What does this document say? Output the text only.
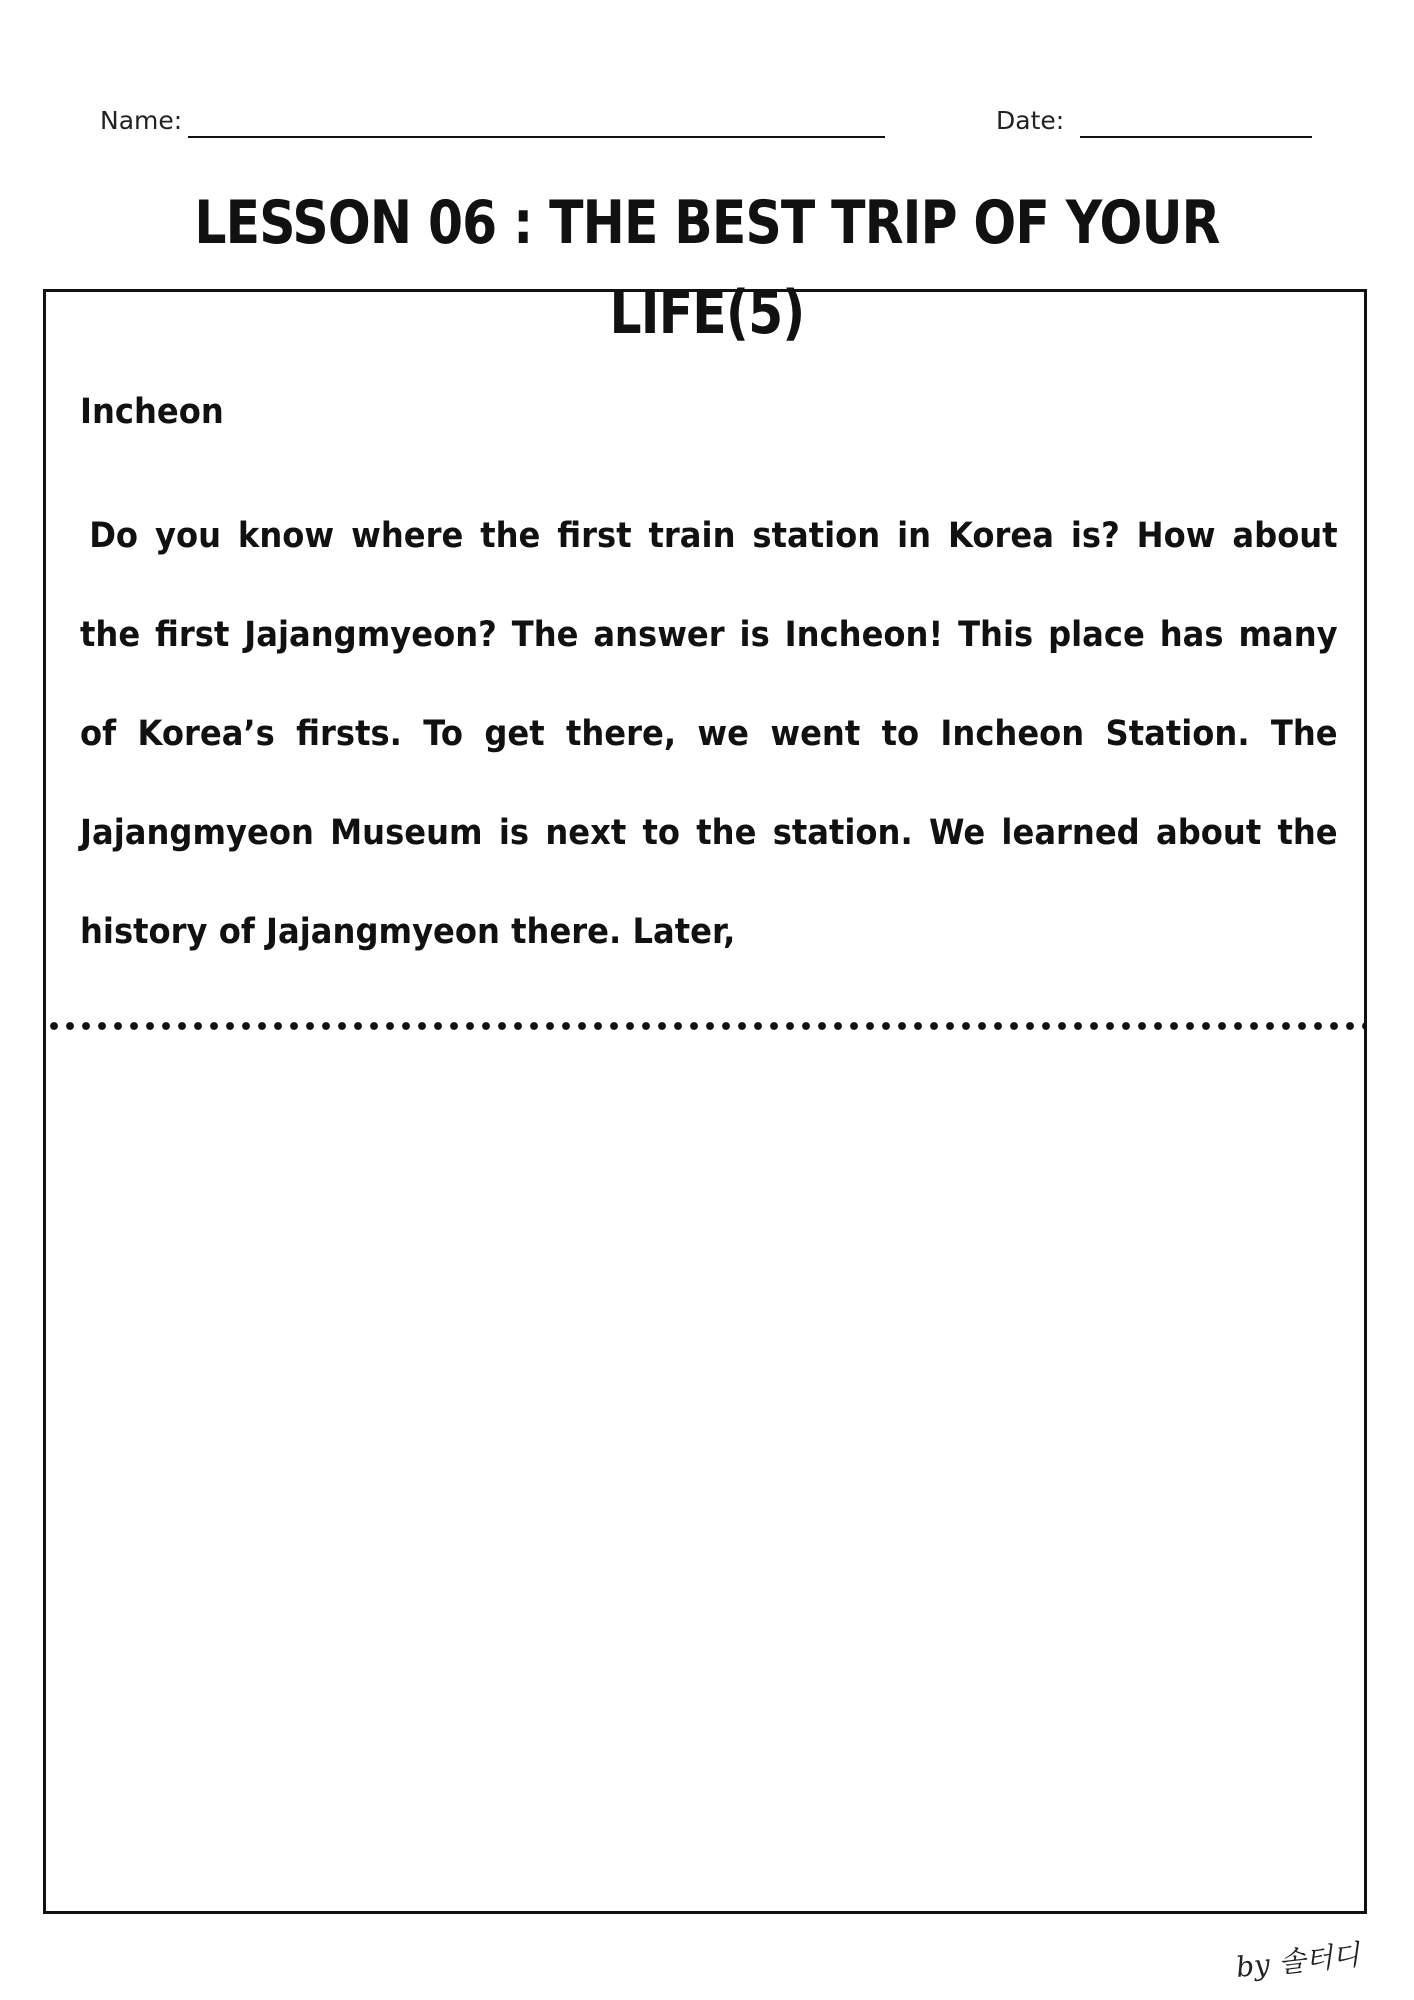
Name:	Date:
LESSON 06 : THE BEST TRIP OF YOUR LIFE(5)

Incheon

Do you know where the first train station in Korea is? How about the first Jajangmyeon? The answer is Incheon! This place has many of Korea’s firsts. To get there, we went to Incheon Station. The Jajangmyeon Museum is next to the station. We learned about the history of Jajangmyeon there. Later,

by 솔터디
